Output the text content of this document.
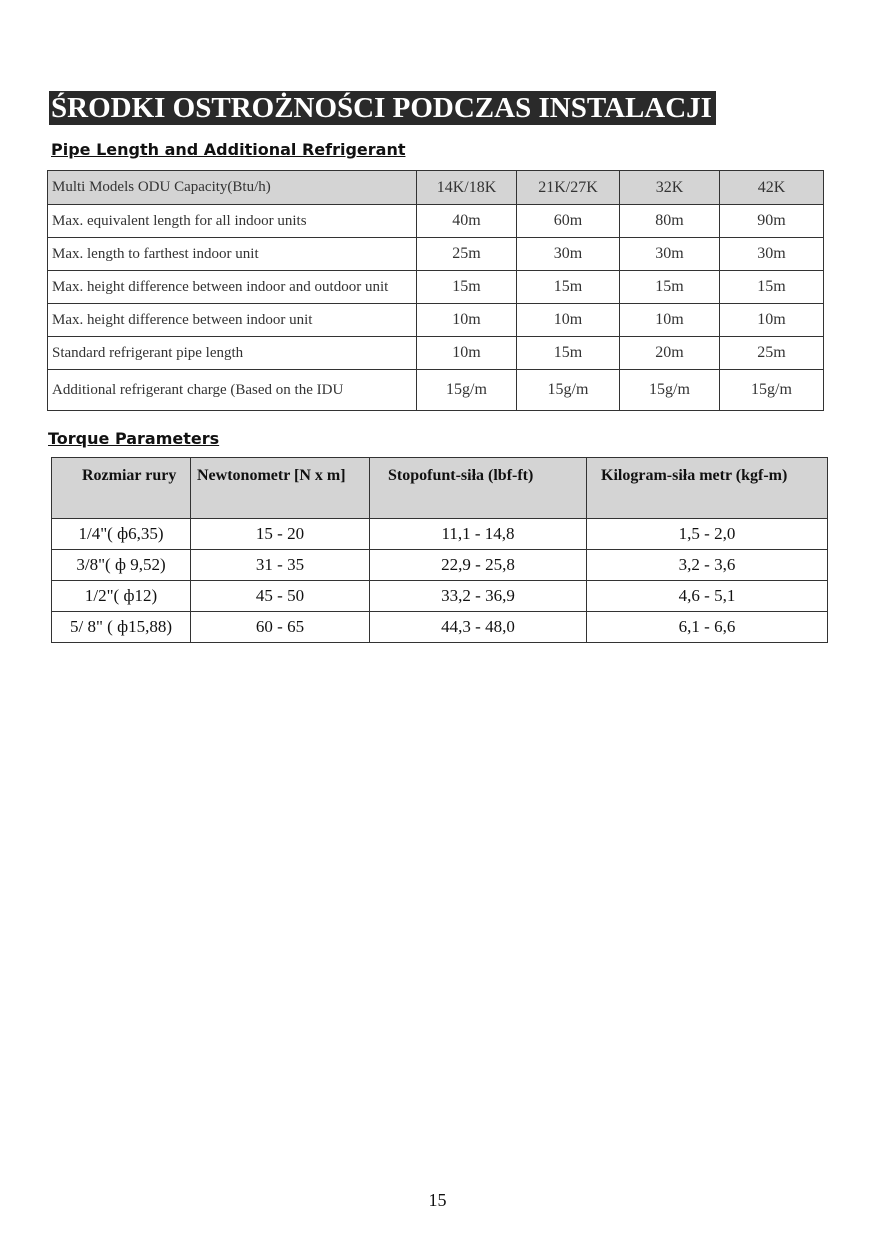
ŚRODKI OSTROŻNOŚCI PODCZAS INSTALACJI
Pipe Length and Additional Refrigerant
Multi Models ODU Capacity(Btu/h)	14K/18K	21K/27K	32K	42K
Max. equivalent length for all indoor units	40m	60m	80m	90m
Max. length to farthest indoor unit	25m	30m	30m	30m
Max. height difference between indoor and outdoor unit	15m	15m	15m	15m
Max. height difference between indoor unit	10m	10m	10m	10m
Standard refrigerant pipe length	10m	15m	20m	25m
Additional refrigerant charge (Based on the IDU	15g/m	15g/m	15g/m	15g/m
Torque Parameters
Rozmiar rury	Newtonometr [N x m]	Stopofunt-siła (lbf-ft)	Kilogram-siła metr (kgf-m)
1/4"( ф6,35)	15 - 20	11,1 - 14,8	1,5 - 2,0
3/8"( ф 9,52)	31 - 35	22,9 - 25,8	3,2 - 3,6
1/2"( ф12)	45 - 50	33,2 - 36,9	4,6 - 5,1
5/ 8" ( ф15,88)	60 - 65	44,3 - 48,0	6,1 - 6,6
15
